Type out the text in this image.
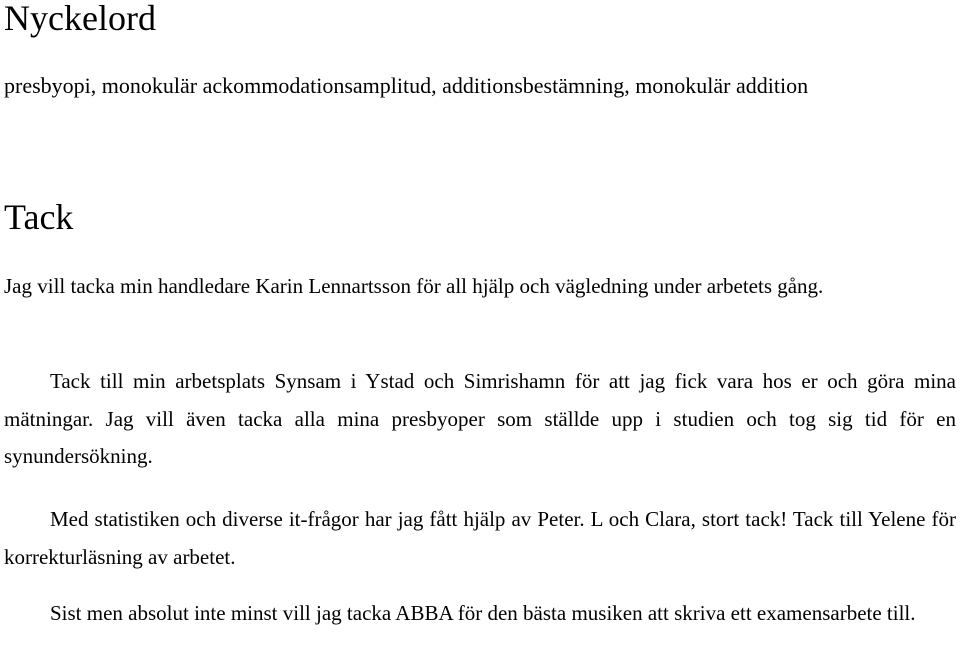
Nyckelord

presbyopi, monokulär ackommodationsamplitud, additionsbestämning, monokulär addition

Tack

Jag vill tacka min handledare Karin Lennartsson för all hjälp och vägledning under arbetets gång.

Tack till min arbetsplats Synsam i Ystad och Simrishamn för att jag fick vara hos er och göra mina mätningar. Jag vill även tacka alla mina presbyoper som ställde upp i studien och tog sig tid för en synundersökning.

Med statistiken och diverse it-frågor har jag fått hjälp av Peter. L och Clara, stort tack! Tack till Yelene för korrekturläsning av arbetet.

Sist men absolut inte minst vill jag tacka ABBA för den bästa musiken att skriva ett examensarbete till.
